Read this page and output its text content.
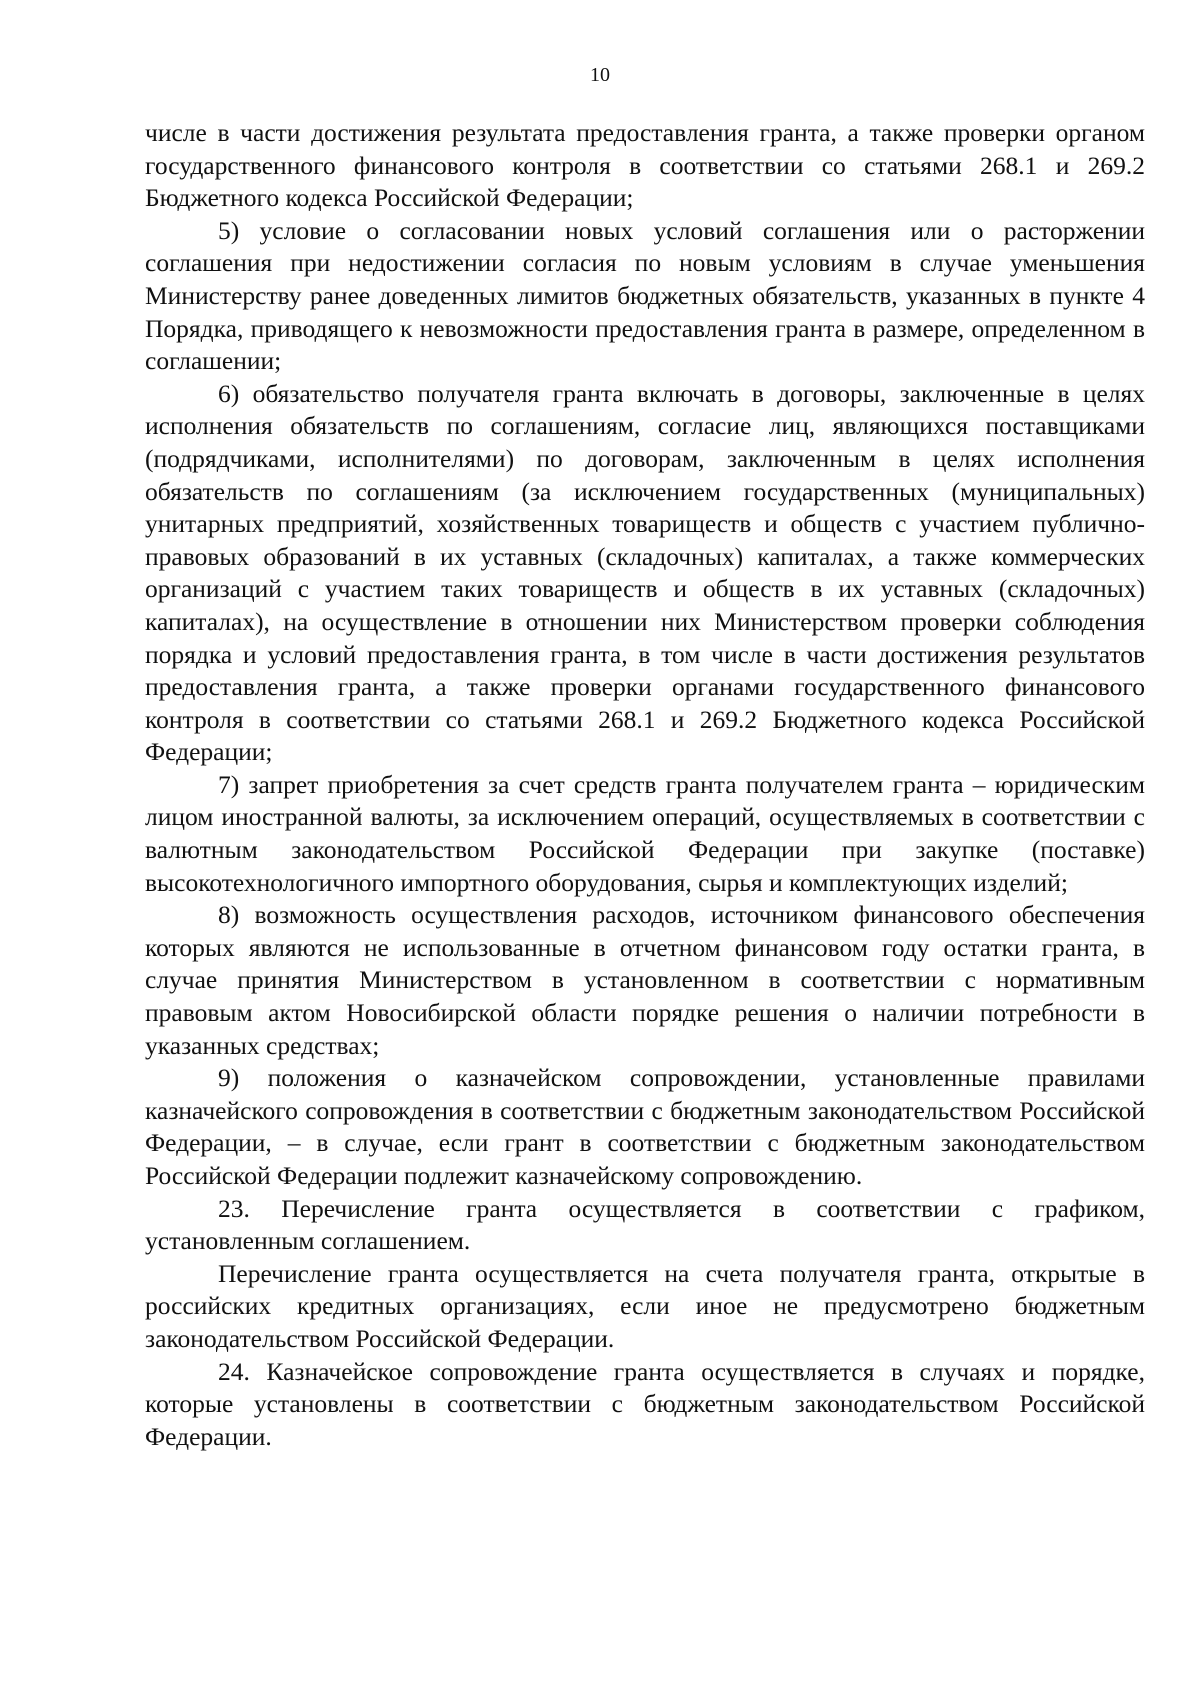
10

числе в части достижения результата предоставления гранта, а также проверки органом государственного финансового контроля в соответствии со статьями 268.1 и 269.2 Бюджетного кодекса Российской Федерации;

5) условие о согласовании новых условий соглашения или о расторжении соглашения при недостижении согласия по новым условиям в случае уменьшения Министерству ранее доведенных лимитов бюджетных обязательств, указанных в пункте 4 Порядка, приводящего к невозможности предоставления гранта в размере, определенном в соглашении;

6) обязательство получателя гранта включать в договоры, заключенные в целях исполнения обязательств по соглашениям, согласие лиц, являющихся поставщиками (подрядчиками, исполнителями) по договорам, заключенным в целях исполнения обязательств по соглашениям (за исключением государственных (муниципальных) унитарных предприятий, хозяйственных товариществ и обществ с участием публично-правовых образований в их уставных (складочных) капиталах, а также коммерческих организаций с участием таких товариществ и обществ в их уставных (складочных) капиталах), на осуществление в отношении них Министерством проверки соблюдения порядка и условий предоставления гранта, в том числе в части достижения результатов предоставления гранта, а также проверки органами государственного финансового контроля в соответствии со статьями 268.1 и 269.2 Бюджетного кодекса Российской Федерации;

7) запрет приобретения за счет средств гранта получателем гранта – юридическим лицом иностранной валюты, за исключением операций, осуществляемых в соответствии с валютным законодательством Российской Федерации при закупке (поставке) высокотехнологичного импортного оборудования, сырья и комплектующих изделий;

8) возможность осуществления расходов, источником финансового обеспечения которых являются не использованные в отчетном финансовом году остатки гранта, в случае принятия Министерством в установленном в соответствии с нормативным правовым актом Новосибирской области порядке решения о наличии потребности в указанных средствах;

9) положения о казначейском сопровождении, установленные правилами казначейского сопровождения в соответствии с бюджетным законодательством Российской Федерации, – в случае, если грант в соответствии с бюджетным законодательством Российской Федерации подлежит казначейскому сопровождению.

23. Перечисление гранта осуществляется в соответствии с графиком, установленным соглашением.

Перечисление гранта осуществляется на счета получателя гранта, открытые в российских кредитных организациях, если иное не предусмотрено бюджетным законодательством Российской Федерации.

24. Казначейское сопровождение гранта осуществляется в случаях и порядке, которые установлены в соответствии с бюджетным законодательством Российской Федерации.
